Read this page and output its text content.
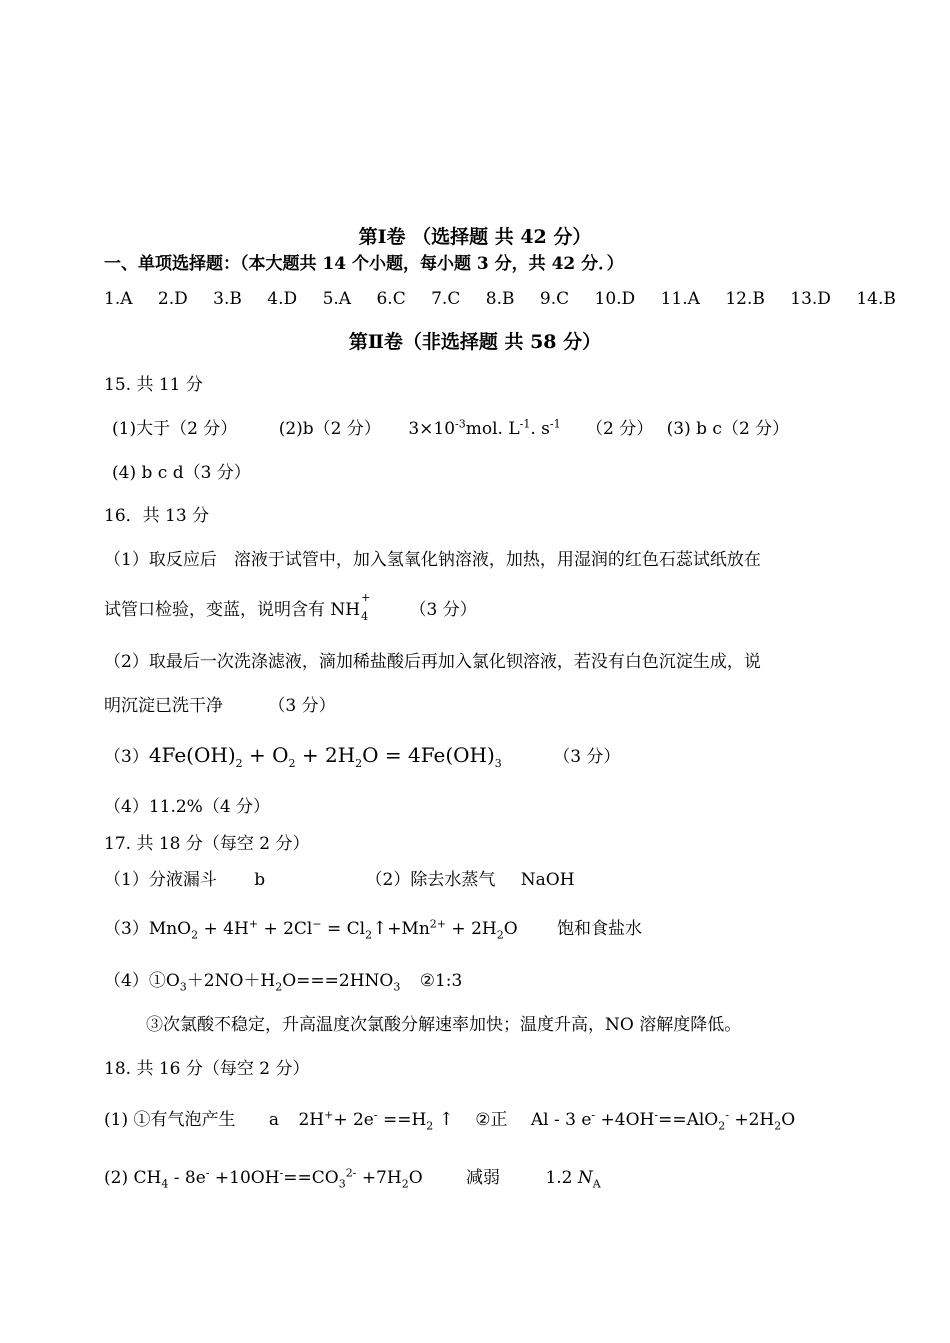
第Ⅰ卷 （选择题 共 42 分）
一、单项选择题：（本大题共 14 个小题，每小题 3 分，共 42 分．）
1.A 2.D 3.B 4.D 5.A 6.C 7.C 8.B 9.C 10.D 11.A 12.B 13.D 14.B
第Ⅱ卷（非选择题 共 58 分）
15. 共 11 分
(1)大于（2 分） (2)b（2 分） $3\times 10^{-3}mol$. $L^{-1}$. $s^{-1}$ （2 分） (3) b c（2 分）
(4) b c d（3 分）
16．共 13 分
（1）取反应后　溶液于试管中，加入氢氧化钠溶液，加热，用湿润的红色石蕊试纸放在
试管口检验，变蓝，说明含有 NH
+
4 （3 分）
（2）取最后一次洗涤滤液，滴加稀盐酸后再加入氯化钡溶液，若没有白色沉淀生成，说
明沉淀已洗干净	（3 分）
$(3)4Fe(OH)_2 + O_2 + 2H_2O = 4Fe(OH)_3$	（3 分）
（4）11.2%（4 分）
17. 共 18 分（每空 2 分）
（1）分液漏斗 b	（2）除去水蒸气 NaOH
$(3)MnO_2 + 4H^+ + 2Cl^- = Cl_2↑+Mn^{2+} + 2H_2O$ 饱和食盐水
$(4)①O_3+2NO+H_2O===2HNO_3$ ②1:3
③次氯酸不稳定，升高温度次氯酸分解速率加快；温度升高，NO 溶解度降低。
18. 共 16 分（每空 2 分）
(1) ①有气泡产生 a $2H^++ 2e^- ==H_2$ ↑ ②正 Al - 3 $e^- +4OH^-==AlO_2^- +2H_2O$
(2) $CH_4 - 8e^- +10OH^-==CO_3^{2-} +7H_2O$	减弱	1.2 $N_A$
